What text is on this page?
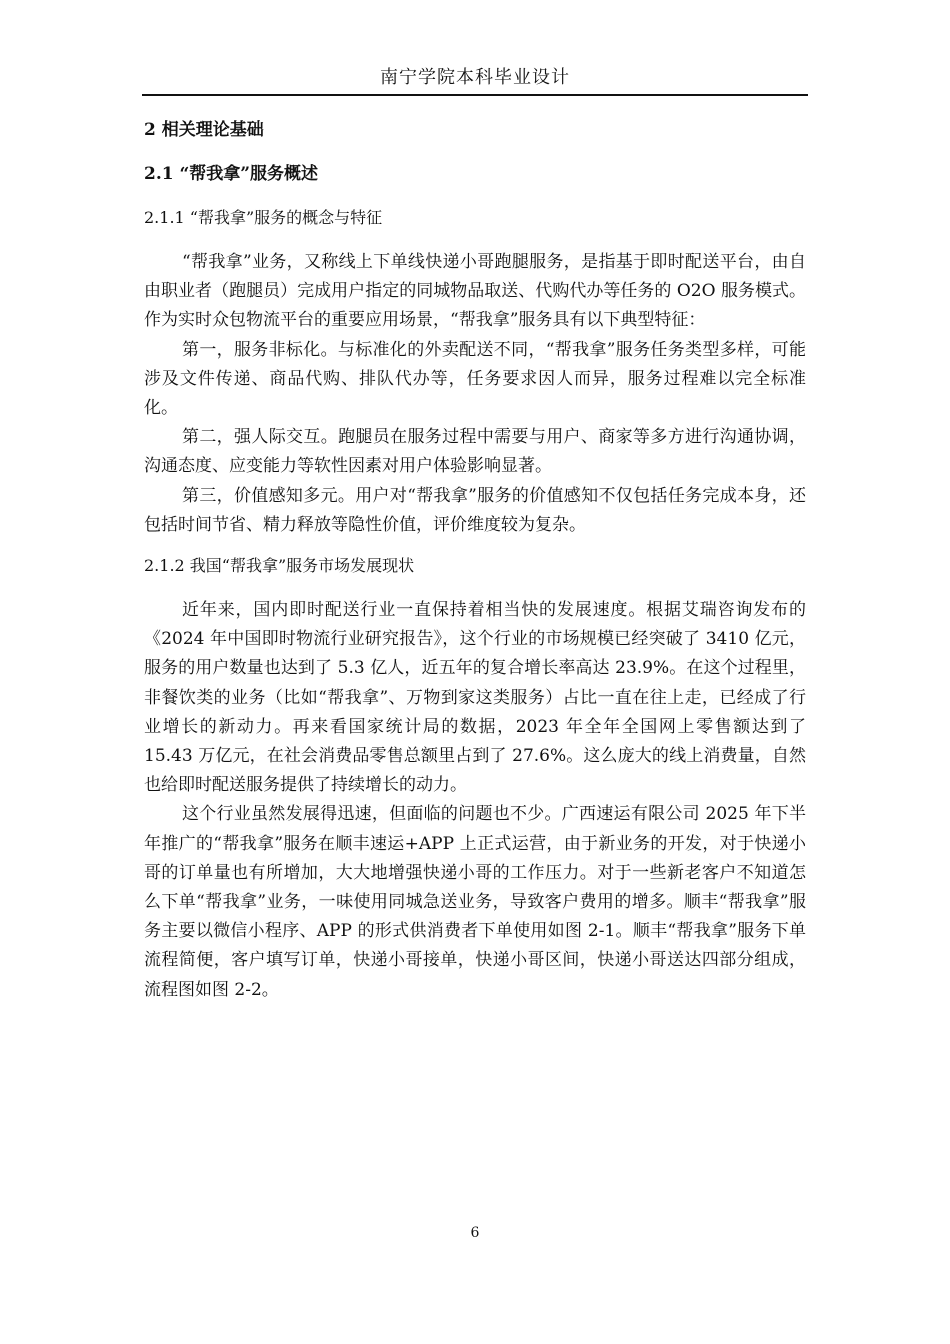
南宁学院本科毕业设计
2 相关理论基础
2.1 “帮我拿”服务概述
2.1.1 “帮我拿”服务的概念与特征

“帮我拿”业务，又称线上下单线快递小哥跑腿服务，是指基于即时配送平台，由自由职业者（跑腿员）完成用户指定的同城物品取送、代购代办等任务的 O2O 服务模式。作为实时众包物流平台的重要应用场景，“帮我拿”服务具有以下典型特征：

第一，服务非标化。与标准化的外卖配送不同，“帮我拿”服务任务类型多样，可能涉及文件传递、商品代购、排队代办等，任务要求因人而异，服务过程难以完全标准化。

第二，强人际交互。跑腿员在服务过程中需要与用户、商家等多方进行沟通协调，沟通态度、应变能力等软性因素对用户体验影响显著。

第三，价值感知多元。用户对“帮我拿”服务的价值感知不仅包括任务完成本身，还包括时间节省、精力释放等隐性价值，评价维度较为复杂。

2.1.2 我国“帮我拿”服务市场发展现状

近年来，国内即时配送行业一直保持着相当快的发展速度。根据艾瑞咨询发布的《2024 年中国即时物流行业研究报告》，这个行业的市场规模已经突破了 3410 亿元，服务的用户数量也达到了 5.3 亿人，近五年的复合增长率高达 23.9%。在这个过程里，非餐饮类的业务（比如“帮我拿”、万物到家这类服务）占比一直在往上走，已经成了行业增长的新动力。再来看国家统计局的数据，2023 年全年全国网上零售额达到了 15.43 万亿元，在社会消费品零售总额里占到了 27.6%。这么庞大的线上消费量，自然也给即时配送服务提供了持续增长的动力。

这个行业虽然发展得迅速，但面临的问题也不少。广西速运有限公司 2025 年下半年推广的“帮我拿”服务在顺丰速运+APP 上正式运营，由于新业务的开发，对于快递小哥的订单量也有所增加，大大地增强快递小哥的工作压力。对于一些新老客户不知道怎么下单“帮我拿”业务，一味使用同城急送业务，导致客户费用的增多。顺丰“帮我拿”服务主要以微信小程序、APP 的形式供消费者下单使用如图 2-1。顺丰“帮我拿”服务下单流程简便，客户填写订单，快递小哥接单，快递小哥区间，快递小哥送达四部分组成，流程图如图 2-2。

6
